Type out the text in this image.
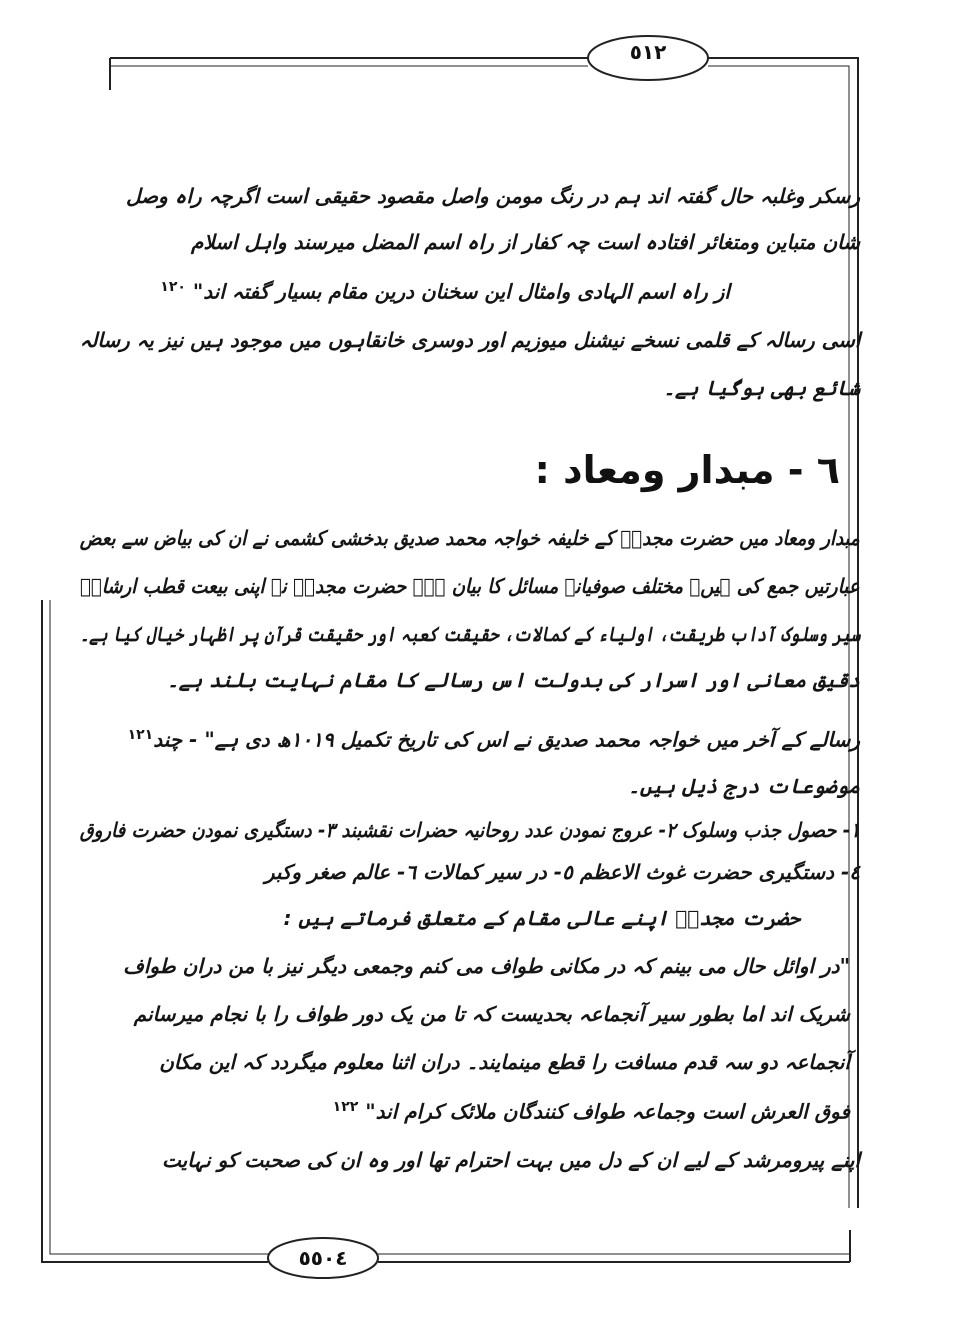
٥١٢
٥٥٠٤
رسکر وغلبہ حال گفتہ اند ہم در رنگ مومن واصل مقصود حقیقی است اگرچہ راہ وصل
شان متباین ومتغائر افتادہ است چہ کفار از راہ اسم المضل میرسند واہل اسلام
از راہ اسم الہادی وامثال این سخنان درین مقام بسیار گفتہ اند" $^{١٢٠}$
اسی رسالہ کے قلمی نسخے نیشنل میوزیم اور دوسری خانقاہوں میں موجود ہیں نیز یہ رسالہ
شائع بھی ہوگیا ہے۔
٦ - مبدار ومعاد :
مبدار ومعاد میں حضرت مجددؒ کے خلیفہ خواجہ محمد صدیق بدخشی کشمی نے ان کی بیاض سے بعض
عبارتیں جمع کی ہیں۔ مختلف صوفیانہ مسائل کا بیان ہے۔ حضرت مجددؒ نے اپنی بیعت قطب ارشادؒ
سیر وسلوک آداب طریقت، اولیاء کے کمالات، حقیقت کعبہ اور حقیقت قرآن پر اظہار خیال کیا ہے۔
دقیق معانی اور اسرار کی بدولت اس رسالے کا مقام نہایت بلند ہے۔
رسالے کے آخر میں خواجہ محمد صدیق نے اس کی تاریخ تکمیل ١٠١٩ھ دی ہے" - چند$^{١٢١}$
موضوعات درج ذیل ہیں۔
١- حصول جذب وسلوک ٢- عروج نمودن عدد روحانیہ حضرات نقشبند ٣- دستگیری نمودن حضرت فاروق
٤- دستگیری حضرت غوث الاعظم ٥- در سیر کمالات ٦- عالم صغر وکبر
حضرت مجددؒ اپنے عالی مقام کے متعلق فرماتے ہیں :
"در اوائل حال می بینم کہ در مکانی طواف می کنم وجمعی دیگر نیز با من دران طواف
شریک اند اما بطور سیر آنجماعہ بحدیست کہ تا من یک دور طواف را با نجام میرسانم
آنجماعہ دو سہ قدم مسافت را قطع مینمایند۔ دران اثنا معلوم میگردد کہ این مکان
فوق العرش است وجماعہ طواف کنندگان ملائک کرام اند" $^{١٢٢}$
اپنے پیرومرشد کے لیے ان کے دل میں بہت احترام تھا اور وہ ان کی صحبت کو نہایت
